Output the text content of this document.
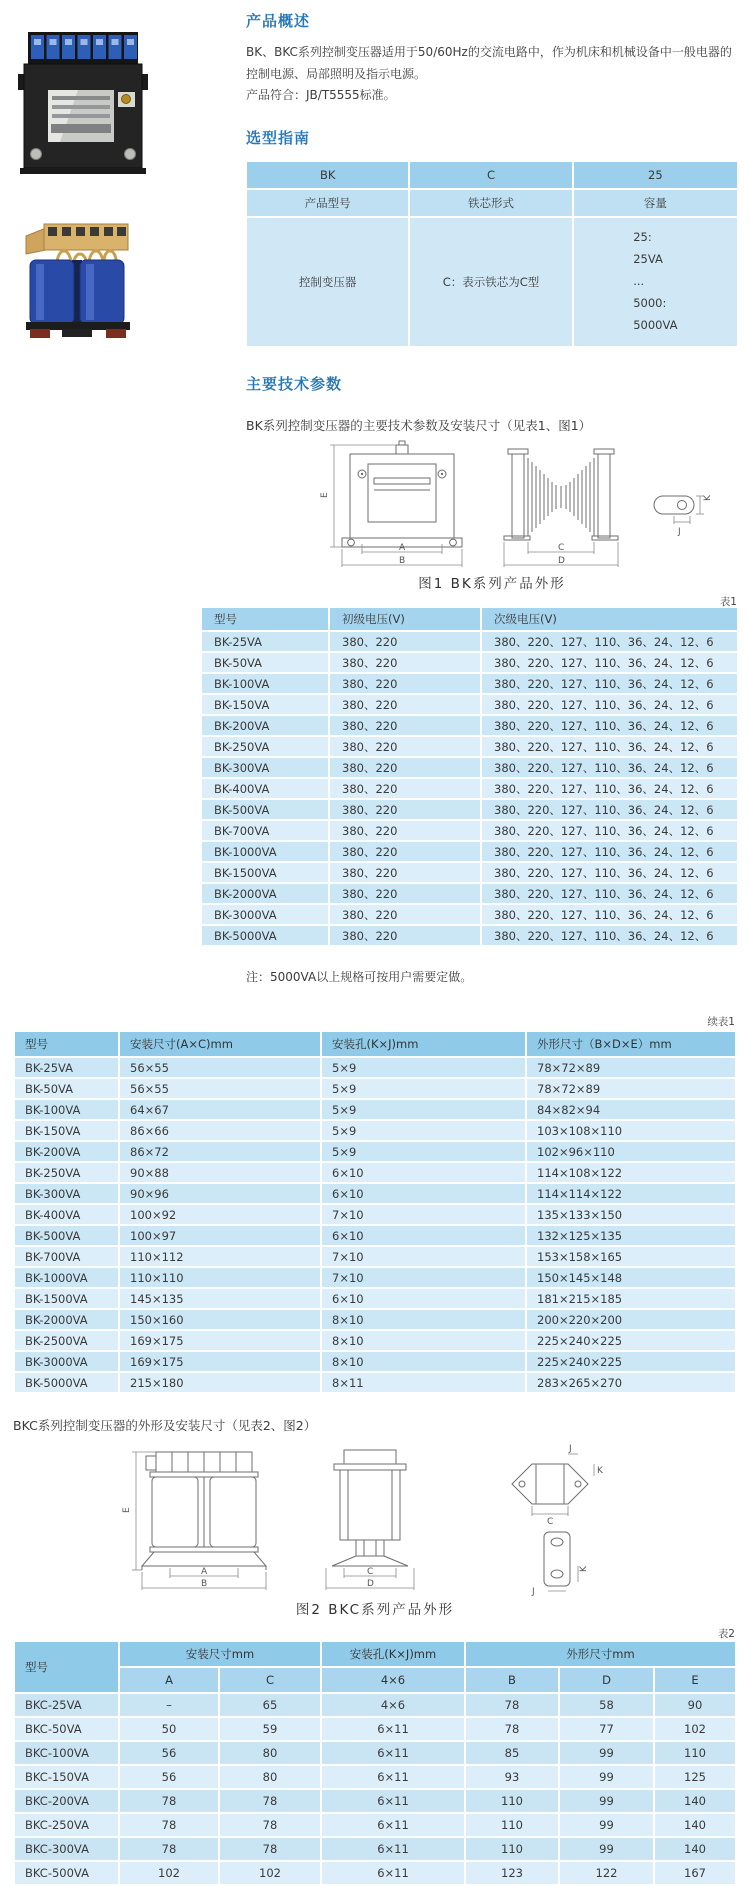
产品概述
BK、BKC系列控制变压器适用于50/60Hz的交流电路中，作为机床和机械设备中一般电器的控制电源、局部照明及指示电源。
产品符合：JB/T5555标准。
选型指南
BK	C	25
产品型号	铁芯形式	容量
控制变压器	C：表示铁芯为C型	25:
25VA
...
5000:
5000VA
主要技术参数
BK系列控制变压器的主要技术参数及安装尺寸（见表1、图1）
E
A
B
C
D
K
J
图1 BK系列产品外形
表1
型号	初级电压(V)	次级电压(V)
BK-25VA	380、220	380、220、127、110、36、24、12、6
BK-50VA	380、220	380、220、127、110、36、24、12、6
BK-100VA	380、220	380、220、127、110、36、24、12、6
BK-150VA	380、220	380、220、127、110、36、24、12、6
BK-200VA	380、220	380、220、127、110、36、24、12、6
BK-250VA	380、220	380、220、127、110、36、24、12、6
BK-300VA	380、220	380、220、127、110、36、24、12、6
BK-400VA	380、220	380、220、127、110、36、24、12、6
BK-500VA	380、220	380、220、127、110、36、24、12、6
BK-700VA	380、220	380、220、127、110、36、24、12、6
BK-1000VA	380、220	380、220、127、110、36、24、12、6
BK-1500VA	380、220	380、220、127、110、36、24、12、6
BK-2000VA	380、220	380、220、127、110、36、24、12、6
BK-3000VA	380、220	380、220、127、110、36、24、12、6
BK-5000VA	380、220	380、220、127、110、36、24、12、6
注：5000VA以上规格可按用户需要定做。
续表1
型号	安装尺寸(A×C)mm	安装孔(K×J)mm	外形尺寸（B×D×E）mm
BK-25VA	56×55	5×9	78×72×89
BK-50VA	56×55	5×9	78×72×89
BK-100VA	64×67	5×9	84×82×94
BK-150VA	86×66	5×9	103×108×110
BK-200VA	86×72	5×9	102×96×110
BK-250VA	90×88	6×10	114×108×122
BK-300VA	90×96	6×10	114×114×122
BK-400VA	100×92	7×10	135×133×150
BK-500VA	100×97	6×10	132×125×135
BK-700VA	110×112	7×10	153×158×165
BK-1000VA	110×110	7×10	150×145×148
BK-1500VA	145×135	6×10	181×215×185
BK-2000VA	150×160	8×10	200×220×200
BK-2500VA	169×175	8×10	225×240×225
BK-3000VA	169×175	8×10	225×240×225
BK-5000VA	215×180	8×11	283×265×270
BKC系列控制变压器的外形及安装尺寸（见表2、图2）
E
A
B
C
D
J
K
C
K
J
图2 BKC系列产品外形
表2
型号	安装尺寸mm		安装孔(K×J)mm	外形尺寸mm		
	A	C	4×6	B	D	E
BKC-25VA	–	65	4×6	78	58	90
BKC-50VA	50	59	6×11	78	77	102
BKC-100VA	56	80	6×11	85	99	110
BKC-150VA	56	80	6×11	93	99	125
BKC-200VA	78	78	6×11	110	99	140
BKC-250VA	78	78	6×11	110	99	140
BKC-300VA	78	78	6×11	110	99	140
BKC-500VA	102	102	6×11	123	122	167
